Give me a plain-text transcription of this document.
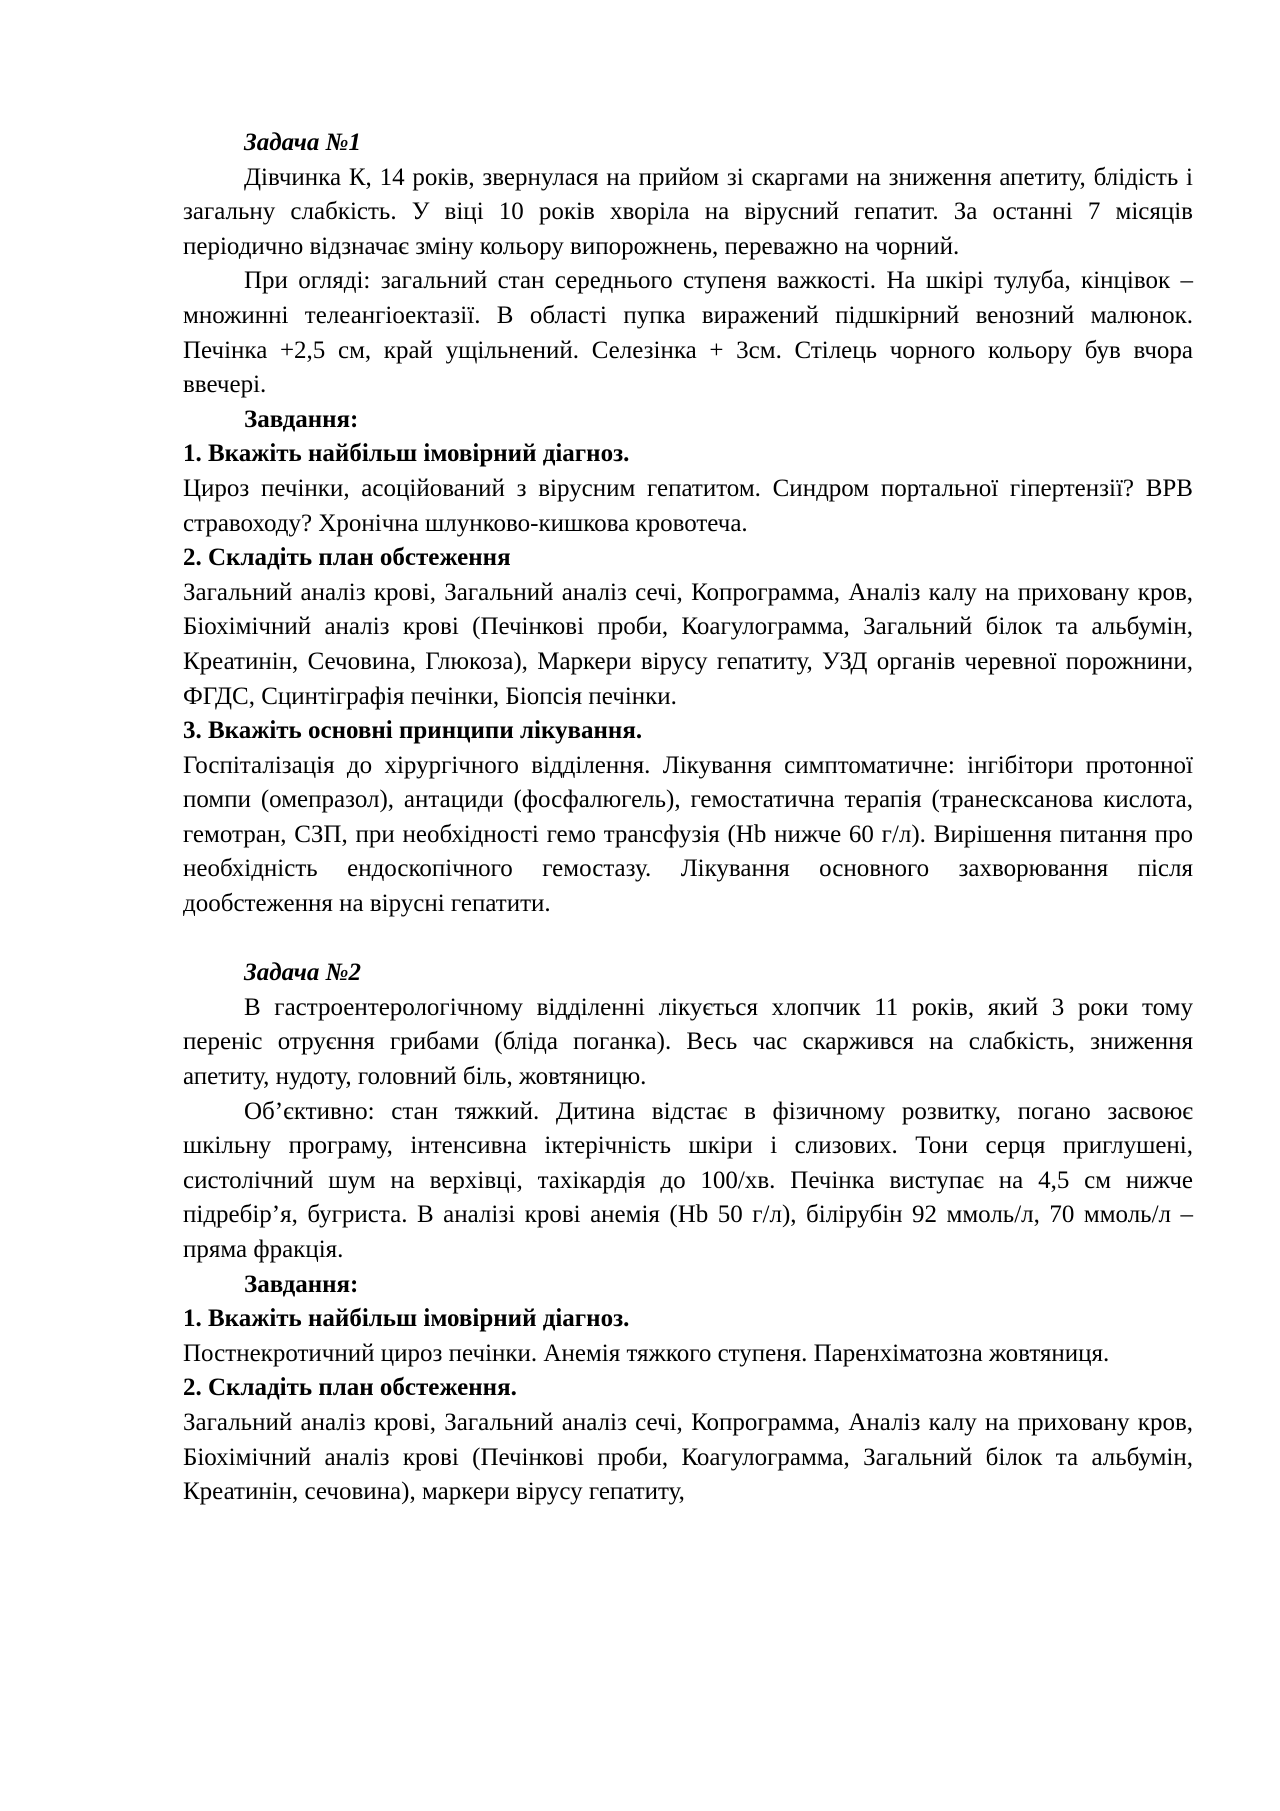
Задача №1

Дівчинка К, 14 років, звернулася на прийом зі скаргами на зниження апетиту, блідість і загальну слабкість. У віці 10 років хворіла на вірусний гепатит. За останні 7 місяців періодично відзначає зміну кольору випорожнень, переважно на чорний.

При огляді: загальний стан середнього ступеня важкості. На шкірі тулуба, кінцівок – множинні телеангіоектазії. В області пупка виражений підшкірний венозний малюнок. Печінка +2,5 см, край ущільнений. Селезінка + 3см. Стілець чорного кольору був вчора ввечері.

Завдання:

1. Вкажіть найбільш імовірний діагноз.

Цироз печінки, асоційований з вірусним гепатитом. Синдром портальної гіпертензії? ВРВ стравоходу? Хронічна шлунково-кишкова кровотеча.

2. Складіть план обстеження

Загальний аналіз крові, Загальний аналіз сечі, Копрограмма, Аналіз калу на приховану кров, Біохімічний аналіз крові (Печінкові проби, Коагулограмма, Загальний білок та альбумін, Креатинін, Сечовина, Глюкоза), Маркери вірусу гепатиту, УЗД органів черевної порожнини, ФГДС, Сцинтіграфія печінки, Біопсія печінки.

3. Вкажіть основні принципи лікування.

Госпіталізація до хірургічного відділення. Лікування симптоматичне: інгібітори протонної помпи (омепразол), антациди (фосфалюгель), гемостатична терапія (транесксанова кислота, гемотран, СЗП, при необхідності гемо трансфузія (Hb нижче 60 г/л). Вирішення питання про необхідність ендоскопічного гемостазу. Лікування основного захворювання після дообстеження на вірусні гепатити.

Задача №2

В гастроентерологічному відділенні лікується хлопчик 11 років, який 3 роки тому переніс отруєння грибами (бліда поганка). Весь час скаржився на слабкість, зниження апетиту, нудоту, головний біль, жовтяницю.

Об’єктивно: стан тяжкий. Дитина відстає в фізичному розвитку, погано засвоює шкільну програму, інтенсивна іктерічність шкіри і слизових. Тони серця приглушені, систолічний шум на верхівці, тахікардія до 100/хв. Печінка виступає на 4,5 см нижче підребір’я, бугриста. В аналізі крові анемія (Hb 50 г/л), білірубін 92 ммоль/л, 70 ммоль/л – пряма фракція.

Завдання:

1. Вкажіть найбільш імовірний діагноз.

Постнекротичний цироз печінки. Анемія тяжкого ступеня. Паренхіматозна жовтяниця.

2. Складіть план обстеження.

Загальний аналіз крові, Загальний аналіз сечі, Копрограмма, Аналіз калу на приховану кров, Біохімічний аналіз крові (Печінкові проби, Коагулограмма, Загальний білок та альбумін, Креатинін, сечовина), маркери вірусу гепатиту,
